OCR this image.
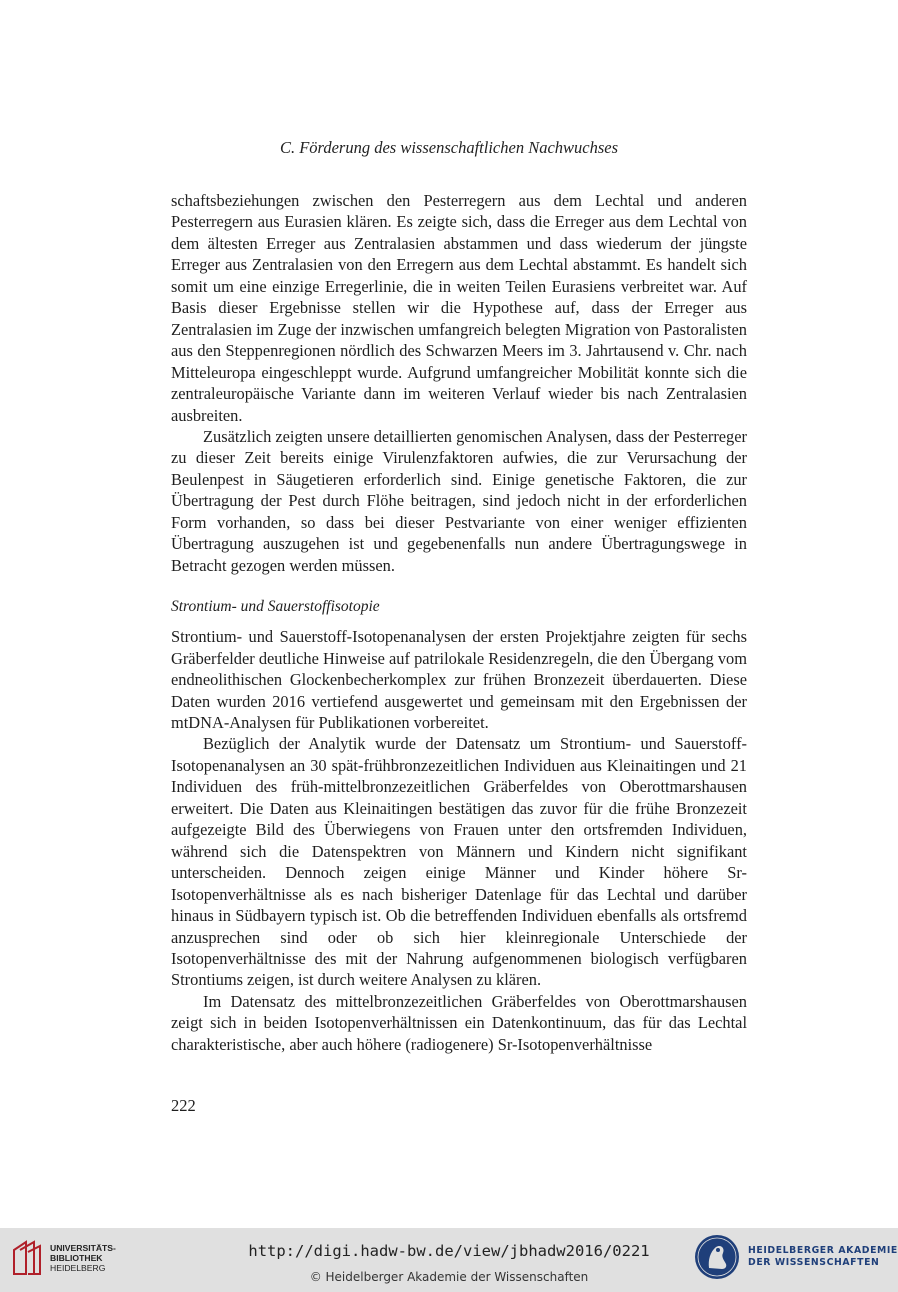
C. Förderung des wissenschaftlichen Nachwuchses

schaftsbeziehungen zwischen den Pesterregern aus dem Lechtal und anderen Pesterregern aus Eurasien klären. Es zeigte sich, dass die Erreger aus dem Lechtal von dem ältesten Erreger aus Zentralasien abstammen und dass wiederum der jüngste Erreger aus Zentralasien von den Erregern aus dem Lechtal abstammt. Es handelt sich somit um eine einzige Erregerlinie, die in weiten Teilen Eurasiens verbreitet war. Auf Basis dieser Ergebnisse stellen wir die Hypothese auf, dass der Erreger aus Zentralasien im Zuge der inzwischen umfangreich belegten Migration von Pastoralisten aus den Steppenregionen nördlich des Schwarzen Meers im 3. Jahrtausend v. Chr. nach Mitteleuropa eingeschleppt wurde. Aufgrund umfangreicher Mobilität konnte sich die zentraleuropäische Variante dann im weiteren Verlauf wieder bis nach Zentralasien ausbreiten.

Zusätzlich zeigten unsere detaillierten genomischen Analysen, dass der Pesterreger zu dieser Zeit bereits einige Virulenzfaktoren aufwies, die zur Verursachung der Beulenpest in Säugetieren erforderlich sind. Einige genetische Faktoren, die zur Übertragung der Pest durch Flöhe beitragen, sind jedoch nicht in der erforderlichen Form vorhanden, so dass bei dieser Pestvariante von einer weniger effizienten Übertragung auszugehen ist und gegebenenfalls nun andere Übertragungswege in Betracht gezogen werden müssen.

Strontium- und Sauerstoffisotopie

Strontium- und Sauerstoff-Isotopenanalysen der ersten Projektjahre zeigten für sechs Gräberfelder deutliche Hinweise auf patrilokale Residenzregeln, die den Übergang vom endneolithischen Glockenbecherkomplex zur frühen Bronzezeit überdauerten. Diese Daten wurden 2016 vertiefend ausgewertet und gemeinsam mit den Ergebnissen der mtDNA-Analysen für Publikationen vorbereitet.

Bezüglich der Analytik wurde der Datensatz um Strontium- und Sauerstoff-Isotopenanalysen an 30 spät-frühbronzezeitlichen Individuen aus Kleinaitingen und 21 Individuen des früh-mittelbronzezeitlichen Gräberfeldes von Oberottmarshausen erweitert. Die Daten aus Kleinaitingen bestätigen das zuvor für die frühe Bronzezeit aufgezeigte Bild des Überwiegens von Frauen unter den ortsfremden Individuen, während sich die Datenspektren von Männern und Kindern nicht signifikant unterscheiden. Dennoch zeigen einige Männer und Kinder höhere Sr-Isotopenverhältnisse als es nach bisheriger Datenlage für das Lechtal und darüber hinaus in Südbayern typisch ist. Ob die betreffenden Individuen ebenfalls als ortsfremd anzusprechen sind oder ob sich hier kleinregionale Unterschiede der Isotopenverhältnisse des mit der Nahrung aufgenommenen biologisch verfügbaren Strontiums zeigen, ist durch weitere Analysen zu klären.

Im Datensatz des mittelbronzezeitlichen Gräberfeldes von Oberottmarshausen zeigt sich in beiden Isotopenverhältnissen ein Datenkontinuum, das für das Lechtal charakteristische, aber auch höhere (radiogenere) Sr-Isotopenverhältnisse

222
UNIVERSITÄTS-
BIBLIOTHEK
HEIDELBERG
http://digi.hadw-bw.de/view/jbhadw2016/0221
© Heidelberger Akademie der Wissenschaften
HEIDELBERGER AKADEMIE
DER WISSENSCHAFTEN
